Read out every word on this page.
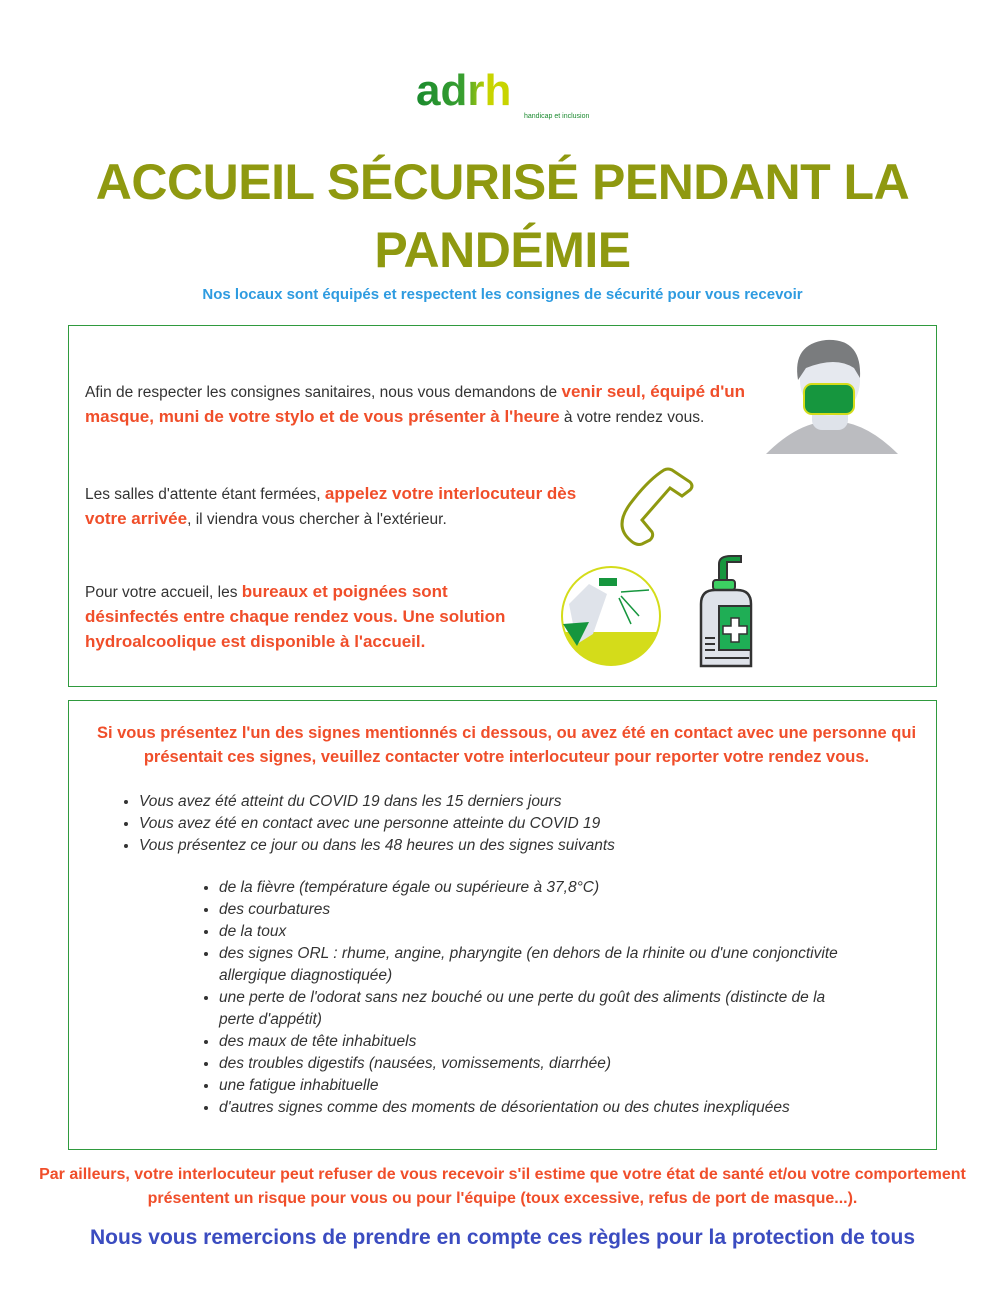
adrh
handicap et inclusion
ACCUEIL SÉCURISÉ PENDANT LA PANDÉMIE
Nos locaux sont équipés et respectent les consignes de sécurité pour vous recevoir
Afin de respecter les consignes sanitaires, nous vous demandons de venir seul, équipé d'un masque, muni de votre stylo et de vous présenter à l'heure à votre rendez vous.
Les salles d'attente étant fermées, appelez votre interlocuteur dès votre arrivée, il viendra vous chercher à l'extérieur.
Pour votre accueil, les bureaux et poignées sont désinfectés entre chaque rendez vous. Une solution hydroalcoolique est disponible à l'accueil.
Si vous présentez l'un des signes mentionnés ci dessous, ou avez été en contact avec une personne qui présentait ces signes, veuillez contacter votre interlocuteur pour reporter votre rendez vous.
• Vous avez été atteint du COVID 19 dans les 15 derniers jours
• Vous avez été en contact avec une personne atteinte du COVID 19
• Vous présentez ce jour ou dans les 48 heures un des signes suivants
• de la fièvre (température égale ou supérieure à 37,8°C)
• des courbatures
• de la toux
• des signes ORL : rhume, angine, pharyngite (en dehors de la rhinite ou d'une conjonctivite allergique diagnostiquée)
• une perte de l'odorat sans nez bouché ou une perte du goût des aliments (distincte de la perte d'appétit)
• des maux de tête inhabituels
• des troubles digestifs (nausées, vomissements, diarrhée)
• une fatigue inhabituelle
• d'autres signes comme des moments de désorientation ou des chutes inexpliquées
Par ailleurs, votre interlocuteur peut refuser de vous recevoir s'il estime que votre état de santé et/ou votre comportement présentent un risque pour vous ou pour l'équipe (toux excessive, refus de port de masque...).
Nous vous remercions de prendre en compte ces règles pour la protection de tous
